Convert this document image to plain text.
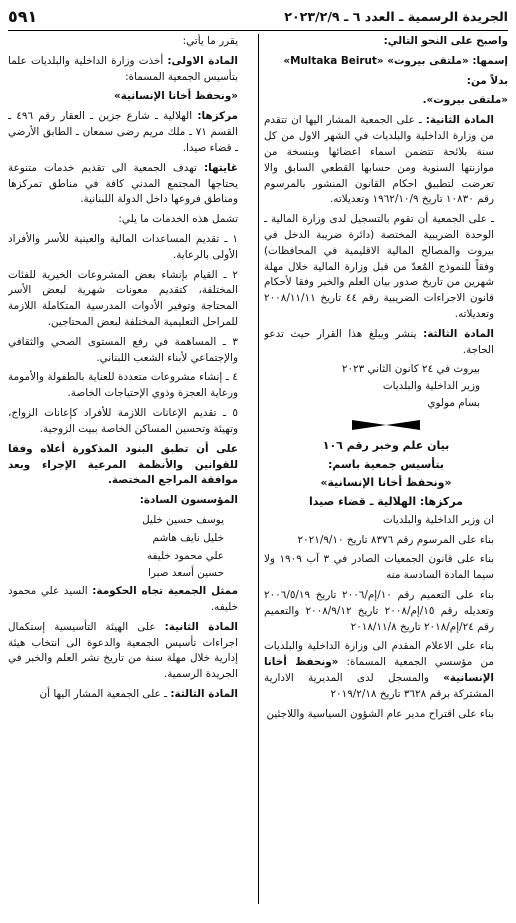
الجريدة الرسمية ـ العدد ٦ ـ ٢٠٢٣/٢/٩
٥٩١

واصبح على النحو التالي:

إسمها: «ملتقى بيروت» «Multaka Beirut»

بدلاً من:

«ملتقى بيروت».

المادة الثانية: ـ على الجمعية المشار اليها ان تتقدم من وزارة الداخلية والبلديات في الشهر الاول من كل سنة بلائحة تتضمن اسماء اعضائها وبنسخة من موازنتها السنوية ومن حسابها القطعي السابق والا تعرضت لتطبيق احكام القانون المنشور بالمرسوم رقم ١٠٨٣٠ تاريخ ١٩٦٢/١٠/٩ وتعديلاته.

ـ على الجمعية أن تقوم بالتسجيل لدى وزارة المالية ـ الوحدة الضريبية المختصة (دائرة ضريبة الدخل في بيروت والمصالح المالية الاقليمية في المحافظات) وفقاً للنموذج المُعدّ من قبل وزارة المالية خلال مهلة شهرين من تاريخ صدور بيان العلم والخبر وفقا لأحكام قانون الاجراءات الضريبية رقم ٤٤ تاريخ ٢٠٠٨/١١/١١ وتعديلاته.

المادة الثالثة: ينشر ويبلغ هذا القرار حيث تدعو الحاجة.

بيروت في ٢٤ كانون الثاني ٢٠٢٣

وزير الداخلية والبلديات

بسام مولوي

بيان علم وخبر رقم ١٠٦

بتأسيس جمعية باسم:

«ونحفظ أخانا الإنسانية»

مركزها: الهلالية ـ قضاء صيدا

ان وزير الداخلية والبلديات

بناء على المرسوم رقم ٨٣٧٦ تاريخ ٢٠٢١/٩/١٠

بناء على قانون الجمعيات الصادر في ٣ آب ١٩٠٩ ولا سيما المادة السادسة منه

بناء على التعميم رقم ١٠/إم/٢٠٠٦ تاريخ ٢٠٠٦/٥/١٩ وتعديله رقم ١٥/إم/٢٠٠٨ تاريخ ٢٠٠٨/٩/١٢ والتعميم رقم ٢٤/إم/٢٠١٨ تاريخ ٢٠١٨/١١/٨

بناء على الاعلام المقدم الى وزارة الداخلية والبلديات من مؤسسي الجمعية المسماة: «ونحفظ أخانا الإنسانية» والمسجل لدى المديرية الادارية المشتركة برقم ٣٦٢٨ تاريخ ٢٠١٩/٢/١٨

بناء على اقتراح مدير عام الشؤون السياسية واللاجئين

يقرر ما يأتي:

المادة الاولى: أخذت وزارة الداخلية والبلديات علما بتأسيس الجمعية المسماة:

«ونحفظ أخانا الإنسانية»

مركزها: الهلالية ـ شارع جزين ـ العقار رقم ٤٩٦ ـ القسم ٧١ ـ ملك مريم رضى سمعان ـ الطابق الأرضي ـ قضاء صيدا.

غايتها: تهدف الجمعية الى تقديم خدمات متنوعة يحتاجها المجتمع المدني كافة في مناطق تمركزها ومناطق فروعها داخل الدولة اللبنانية.

تشمل هذه الخدمات ما يلي:

١ ـ تقديم المساعدات المالية والعينية للأسر والأفراد الأولى بالرعاية.

٢ ـ القيام بإنشاء بعض المشروعات الخيرية للفئات المختلفة، كتقديم معونات شهرية لبعض الأسر المحتاجة وتوفير الأدوات المدرسية المتكاملة اللازمة للمراحل التعليمية المختلفة لبعض المحتاجين.

٣ ـ المساهمة في رفع المستوى الصحي والثقافي والإجتماعي لأبناء الشعب اللبناني.

٤ ـ إنشاء مشروعات متعددة للعناية بالطفولة والأمومة ورعاية العجزة وذوي الإحتياجات الخاصة.

٥ ـ تقديم الإعانات اللازمة للأفراد كإعانات الزواج، وتهيئة وتحسين المساكن الخاصة ببيت الزوجية.

على أن تطبق البنود المذكورة أعلاه وفقا للقوانين والأنظمة المرعية الإجراء وبعد موافقة المراجع المختصة.

المؤسسون السادة:

يوسف حسين خليل

خليل نايف هاشم

علي محمود خليفه

حسين أسعد صبرا

ممثل الجمعية تجاه الحكومة: السيد علي محمود خليفه.

المادة الثانية: على الهيئة التأسيسية إستكمال اجراءات تأسيس الجمعية والدعوة الى انتخاب هيئة إدارية خلال مهلة سنة من تاريخ نشر العلم والخبر في الجريدة الرسمية.

المادة الثالثة: ـ على الجمعية المشار اليها أن
